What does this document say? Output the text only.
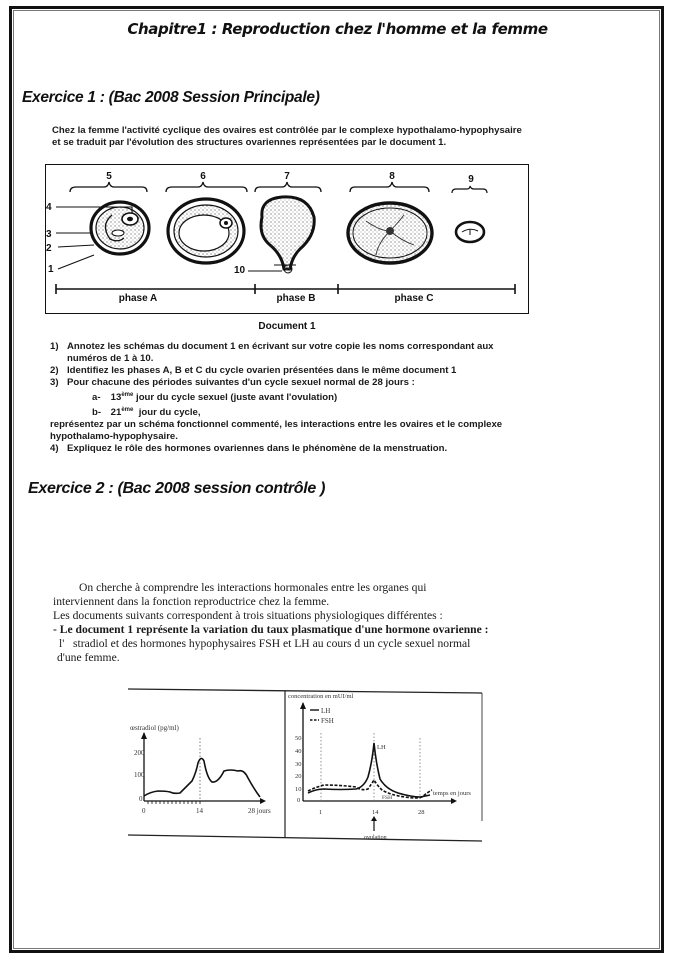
Chapitre1 : Reproduction chez l'homme et la femme
Exercice 1 : (Bac 2008 Session Principale)
Chez la femme l'activité cyclique des ovaires est contrôlée par le complexe hypothalamo-hypophysaire
et se traduit par l'évolution des structures ovariennes représentées par le document 1.
5	6	7	8	9
4
3
2
1	10
phase A	phase B	phase C
Document 1
1) Annotez les schémas du document 1 en écrivant sur votre copie les noms correspondant aux
numéros de 1 à 10.
2) Identifiez les phases A, B et C du cycle ovarien présentées dans le même document 1
3) Pour chacune des périodes suivantes d'un cycle sexuel normal de 28 jours :
a- 13ème jour du cycle sexuel (juste avant l'ovulation)
b- 21ème  jour du cycle,
représentez par un schéma fonctionnel commenté, les interactions entre les ovaires et le complexe
hypothalamo-hypophysaire.
4) Expliquez le rôle des hormones ovariennes dans le phénomène de la menstruation.
Exercice 2 : (Bac 2008 session contrôle )

On cherche à comprendre les interactions hormonales entre les organes qui

interviennent dans la fonction reproductrice chez la femme.

Les documents suivants correspondent à trois situations physiologiques différentes :

- Le document 1 représente la variation du taux plasmatique d'une hormone ovarienne :

l'   stradiol et des hormones hypophysaires FSH et LH au cours d un cycle sexuel normal

d'une femme.

œstradiol (pg/ml)
200
100
0
0	14	28 jours
concentration en mUI/ml
LH
FSH
50
40
30
20
10
0
1	14	28
LH
FSH
temps en jours
ovulation
